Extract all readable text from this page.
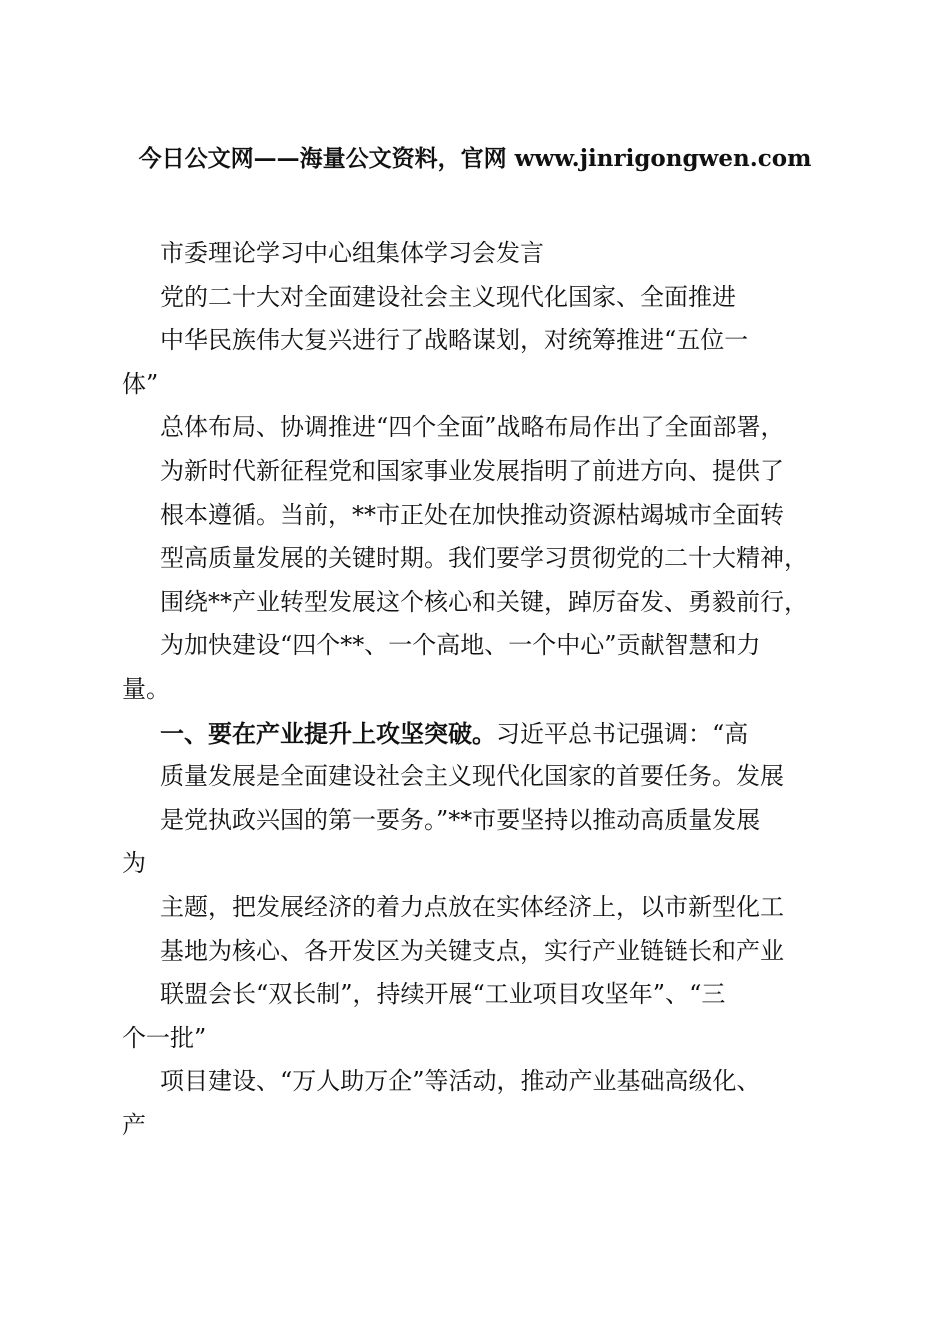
今日公文网——海量公文资料，官网 www.jinrigongwen.com
市委理论学习中心组集体学习会发言
党的二十大对全面建设社会主义现代化国家、全面推进
中华民族伟大复兴进行了战略谋划，对统筹推进“五位一
体”
总体布局、协调推进“四个全面”战略布局作出了全面部署，
为新时代新征程党和国家事业发展指明了前进方向、提供了
根本遵循。当前，**市正处在加快推动资源枯竭城市全面转
型高质量发展的关键时期。我们要学习贯彻党的二十大精神，
围绕**产业转型发展这个核心和关键，踔厉奋发、勇毅前行，
为加快建设“四个**、一个高地、一个中心”贡献智慧和力
量。
一、要在产业提升上攻坚突破。习近平总书记强调：“高
质量发展是全面建设社会主义现代化国家的首要任务。发展
是党执政兴国的第一要务。”**市要坚持以推动高质量发展
为
主题，把发展经济的着力点放在实体经济上，以市新型化工
基地为核心、各开发区为关键支点，实行产业链链长和产业
联盟会长“双长制”，持续开展“工业项目攻坚年”、“三
个一批”
项目建设、“万人助万企”等活动，推动产业基础高级化、
产
